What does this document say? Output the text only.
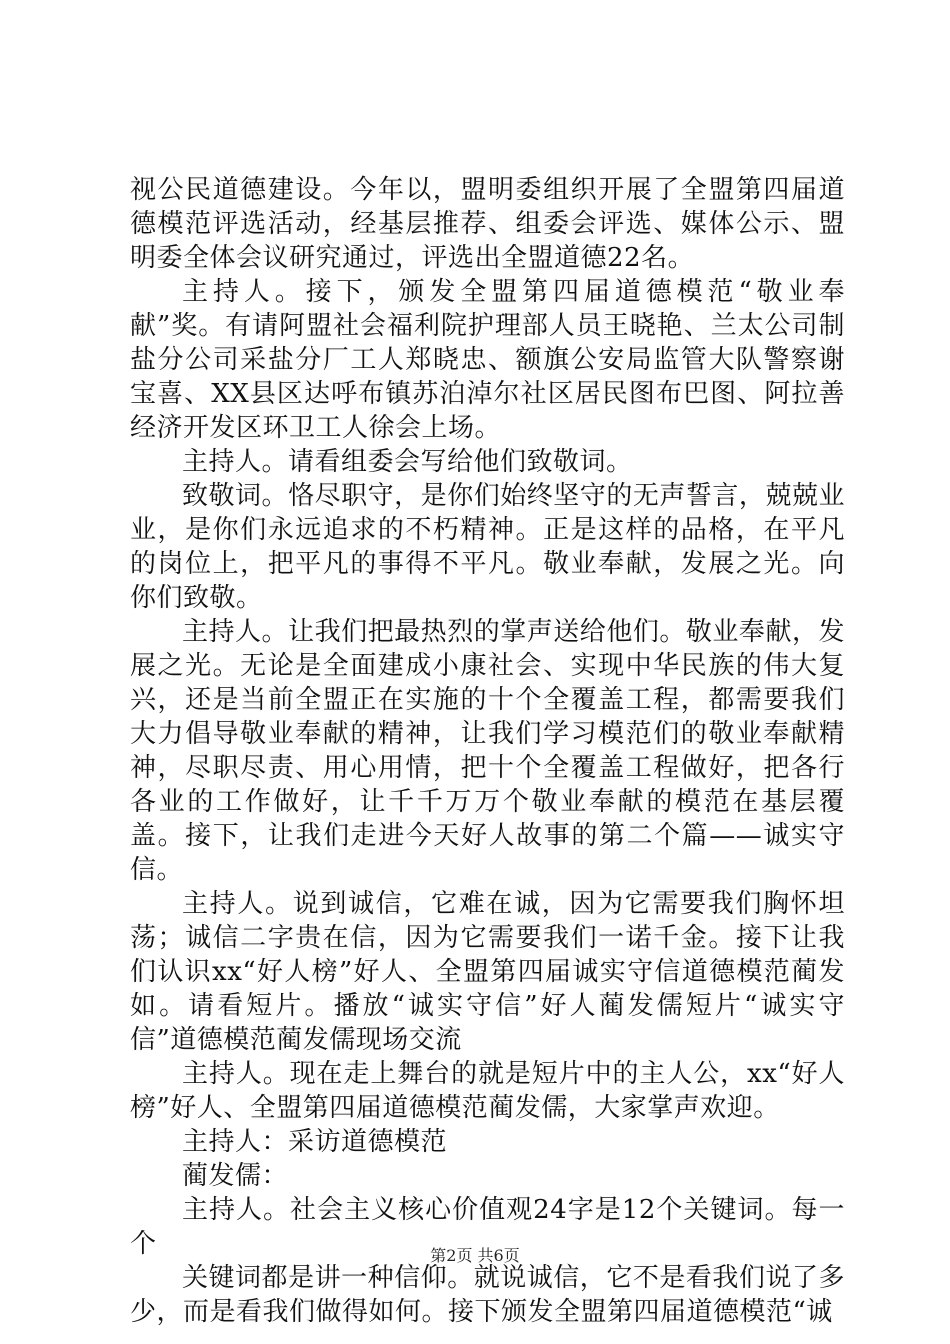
视公民道德建设。今年以，盟明委组织开展了全盟第四届道德模范评选活动，经基层推荐、组委会评选、媒体公示、盟明委全体会议研究通过，评选出全盟道德22名。

主持人。接下，颁发全盟第四届道德模范“敬业奉献”奖。有请阿盟社会福利院护理部人员王晓艳、兰太公司制盐分公司采盐分厂工人郑晓忠、额旗公安局监管大队警察谢宝喜、XX县区达呼布镇苏泊淖尔社区居民图布巴图、阿拉善经济开发区环卫工人徐会上场。

主持人。请看组委会写给他们致敬词。

致敬词。恪尽职守，是你们始终坚守的无声誓言，兢兢业业，是你们永远追求的不朽精神。正是这样的品格，在平凡的岗位上，把平凡的事得不平凡。敬业奉献，发展之光。向你们致敬。

主持人。让我们把最热烈的掌声送给他们。敬业奉献，发展之光。无论是全面建成小康社会、实现中华民族的伟大复兴，还是当前全盟正在实施的十个全覆盖工程，都需要我们大力倡导敬业奉献的精神，让我们学习模范们的敬业奉献精神，尽职尽责、用心用情，把十个全覆盖工程做好，把各行各业的工作做好，让千千万万个敬业奉献的模范在基层覆盖。接下，让我们走进今天好人故事的第二个篇——诚实守信。

主持人。说到诚信，它难在诚，因为它需要我们胸怀坦荡；诚信二字贵在信，因为它需要我们一诺千金。接下让我们认识xx“好人榜”好人、全盟第四届诚实守信道德模范蔺发如。请看短片。播放“诚实守信”好人蔺发儒短片“诚实守信”道德模范蔺发儒现场交流

主持人。现在走上舞台的就是短片中的主人公，xx“好人榜”好人、全盟第四届道德模范蔺发儒，大家掌声欢迎。

主持人：采访道德模范

蔺发儒：

主持人。社会主义核心价值观24字是12个关键词。每一个

关键词都是讲一种信仰。就说诚信，它不是看我们说了多少，而是看我们做得如何。接下颁发全盟第四届道德模范“诚

第2页 共6页
